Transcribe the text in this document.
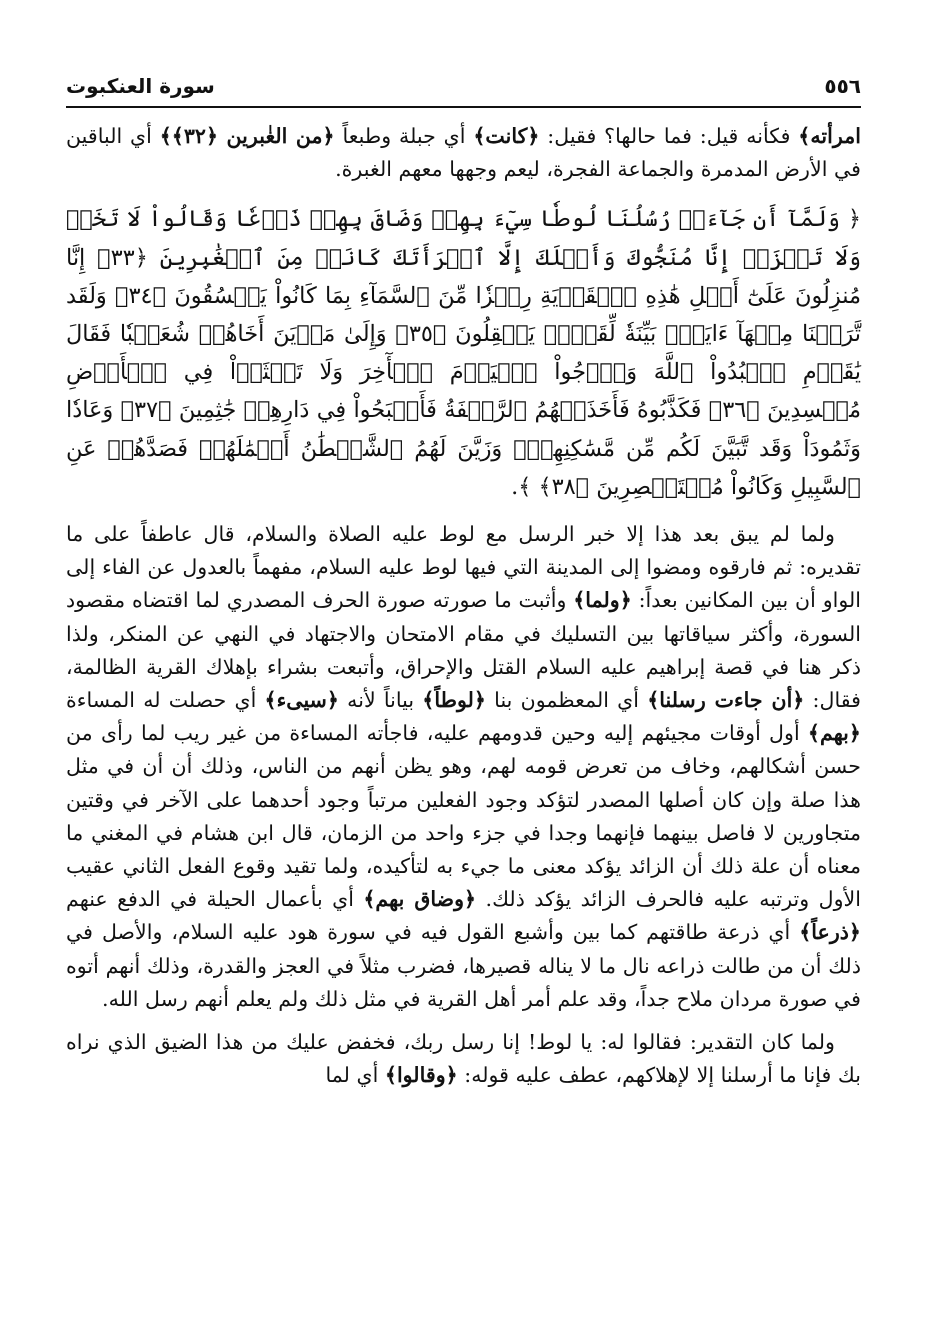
٥٥٦
سورة العنكبوت

امرأته﴾ فكأنه قيل: فما حالها؟ فقيل: ﴿كانت﴾ أي جبلة وطبعاً ﴿من الغٰبرين ﴿٣٢﴾﴾ أي الباقين في الأرض المدمرة والجماعة الفجرة، ليعم وجهها معهم الغبرة.

﴿ وَلَمَّآ أَن جَآءَتۡ رُسُلُنَا لُوطٗا سِيٓءَ بِهِمۡ وَضَاقَ بِهِمۡ ذَرۡعٗا وَقَالُواْ لَا تَخَفۡ وَلَا تَحۡزَنۡ إِنَّا مُنَجُّوكَ وَأَهۡلَكَ إِلَّا ٱمۡرَأَتَكَ كَانَتۡ مِنَ ٱلۡغَٰبِرِينَ ﴿٣٣﴾ إِنَّا مُنزِلُونَ عَلَىٰٓ أَهۡلِ هَٰذِهِ ٱلۡقَرۡيَةِ رِجۡزٗا مِّنَ ٱلسَّمَآءِ بِمَا كَانُواْ يَفۡسُقُونَ ﴿٣٤﴾ وَلَقَد تَّرَكۡنَا مِنۡهَآ ءَايَةَۢ بَيِّنَةٗ لِّقَوۡمٖ يَعۡقِلُونَ ﴿٣٥﴾ وَإِلَىٰ مَدۡيَنَ أَخَاهُمۡ شُعَيۡبٗا فَقَالَ يَٰقَوۡمِ ٱعۡبُدُواْ ٱللَّهَ وَٱرۡجُواْ ٱلۡيَوۡمَ ٱلۡأٓخِرَ وَلَا تَعۡثَوۡاْ فِي ٱلۡأَرۡضِ مُفۡسِدِينَ ﴿٣٦﴾ فَكَذَّبُوهُ فَأَخَذَتۡهُمُ ٱلرَّجۡفَةُ فَأَصۡبَحُواْ فِي دَارِهِمۡ جَٰثِمِينَ ﴿٣٧﴾ وَعَادٗا وَثَمُودَاْ وَقَد تَّبَيَّنَ لَكُم مِّن مَّسَٰكِنِهِمۡۖ وَزَيَّنَ لَهُمُ ٱلشَّيۡطَٰنُ أَعۡمَٰلَهُمۡ فَصَدَّهُمۡ عَنِ ٱلسَّبِيلِ وَكَانُواْ مُسۡتَبۡصِرِينَ ﴿٣٨﴾ ﴾.

ولما لم يبق بعد هذا إلا خبر الرسل مع لوط عليه الصلاة والسلام، قال عاطفاً على ما تقديره: ثم فارقوه ومضوا إلى المدينة التي فيها لوط عليه السلام، مفهماً بالعدول عن الفاء إلى الواو أن بين المكانين بعداً: ﴿ولما﴾ وأثبت ما صورته صورة الحرف المصدري لما اقتضاه مقصود السورة، وأكثر سياقاتها بين التسليك في مقام الامتحان والاجتهاد في النهي عن المنكر، ولذا ذكر هنا في قصة إبراهيم عليه السلام القتل والإحراق، وأتبعت بشراء بإهلاك القرية الظالمة، فقال: ﴿أن جاءت رسلنا﴾ أي المعظمون بنا ﴿لوطاً﴾ بياناً لأنه ﴿سيىء﴾ أي حصلت له المساءة ﴿بهم﴾ أول أوقات مجيئهم إليه وحين قدومهم عليه، فاجأته المساءة من غير ريب لما رأى من حسن أشكالهم، وخاف من تعرض قومه لهم، وهو يظن أنهم من الناس، وذلك أن أن في مثل هذا صلة وإن كان أصلها المصدر لتؤكد وجود الفعلين مرتباً وجود أحدهما على الآخر في وقتين متجاورين لا فاصل بينهما فإنهما وجدا في جزء واحد من الزمان، قال ابن هشام في المغني ما معناه أن علة ذلك أن الزائد يؤكد معنى ما جيء به لتأكيده، ولما تقيد وقوع الفعل الثاني عقيب الأول وترتبه عليه فالحرف الزائد يؤكد ذلك. ﴿وضاق بهم﴾ أي بأعمال الحيلة في الدفع عنهم ﴿ذرعاً﴾ أي ذرعة طاقتهم كما بين وأشبع القول فيه في سورة هود عليه السلام، والأصل في ذلك أن من طالت ذراعه نال ما لا يناله قصيرها، فضرب مثلاً في العجز والقدرة، وذلك أنهم أتوه في صورة مردان ملاح جداً، وقد علم أمر أهل القرية في مثل ذلك ولم يعلم أنهم رسل الله.

ولما كان التقدير: فقالوا له: يا لوط! إنا رسل ربك، فخفض عليك من هذا الضيق الذي نراه بك فإنا ما أرسلنا إلا لإهلاكهم، عطف عليه قوله: ﴿وقالوا﴾ أي لما
